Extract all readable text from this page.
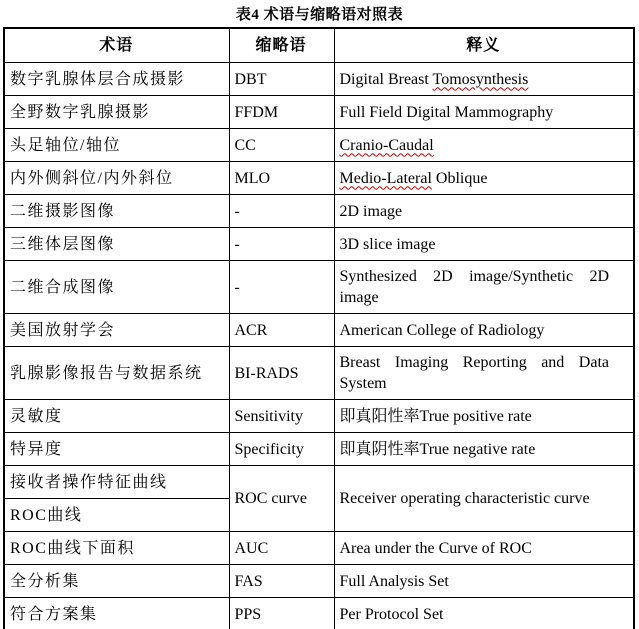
表4 术语与缩略语对照表
术语	缩略语	释义
数字乳腺体层合成摄影	DBT	Digital Breast Tomosynthesis
全野数字乳腺摄影	FFDM	Full Field Digital Mammography
头足轴位/轴位	CC	Cranio-Caudal
内外侧斜位/内外斜位	MLO	Medio-Lateral Oblique
二维摄影图像	-	2D image
三维体层图像	-	3D slice image
二维合成图像	-	Synthesized 2D image/Synthetic 2D image
美国放射学会	ACR	American College of Radiology
乳腺影像报告与数据系统	BI-RADS	Breast Imaging Reporting and Data System
灵敏度	Sensitivity	即真阳性率True positive rate
特异度	Specificity	即真阴性率True negative rate
接收者操作特征曲线	ROC curve	Receiver operating characteristic curve
ROC曲线		
ROC曲线下面积	AUC	Area under the Curve of ROC
全分析集	FAS	Full Analysis Set
符合方案集	PPS	Per Protocol Set
